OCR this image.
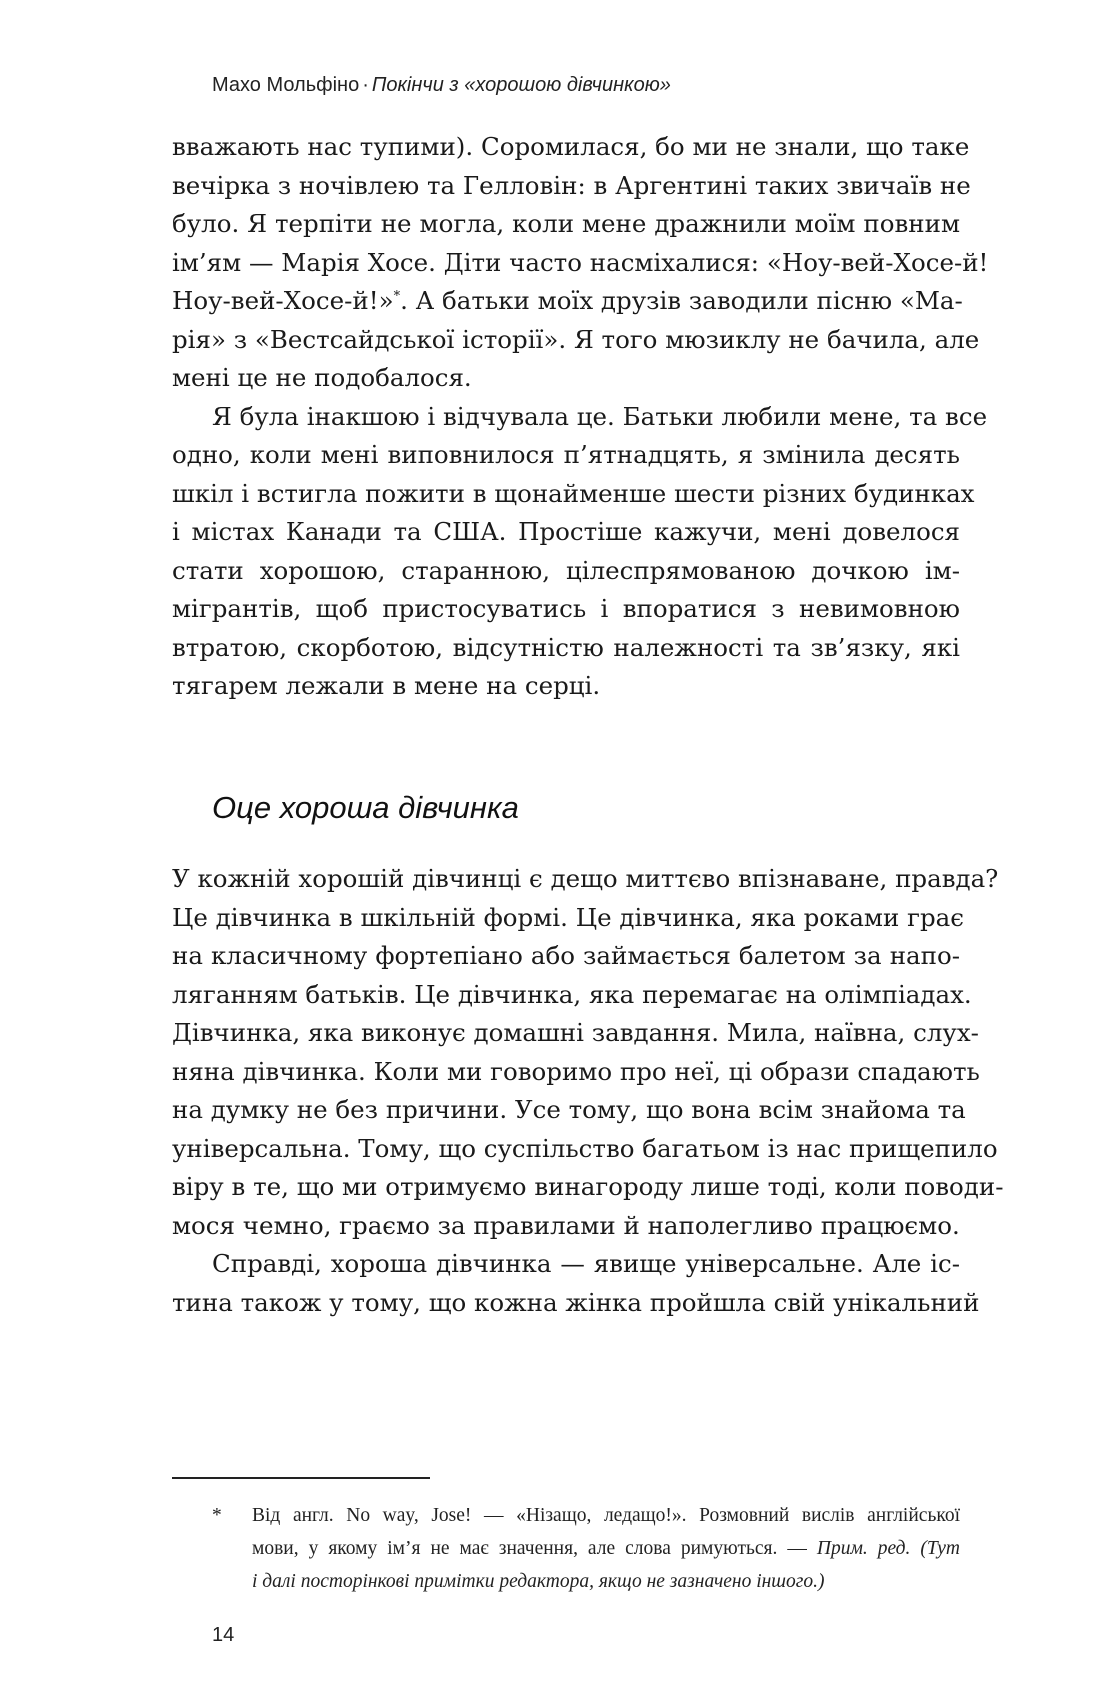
Махо Мольфіно · Покінчи з «хорошою дівчинкою»

вважають нас тупими). Соромилася, бо ми не знали, що таке
вечірка з ночівлею та Гелловін: в Аргентині таких звичаїв не
було. Я терпіти не могла, коли мене дражнили моїм повним
ім’ям — Марія Хосе. Діти часто насміхалися: «Ноу-вей-Хосе-й!
Ноу-вей-Хосе-й!»*. А батьки моїх друзів заводили пісню «Ма-
рія» з «Вестсайдської історії». Я того мюзиклу не бачила, але
мені це не подобалося.

Я була інакшою і відчувала це. Батьки любили мене, та все
одно, коли мені виповнилося п’ятнадцять, я змінила десять
шкіл і встигла пожити в щонайменше шести різних будинках
і містах Канади та США. Простіше кажучи, мені довелося
стати хорошою, старанною, цілеспрямованою дочкою ім-
мігрантів, щоб пристосуватись і впоратися з невимовною
втратою, скорботою, відсутністю належності та зв’язку, які
тягарем лежали в мене на серці.

Оце хороша дівчинка

У кожній хорошій дівчинці є дещо миттєво впізнаване, правда?
Це дівчинка в шкільній формі. Це дівчинка, яка роками грає
на класичному фортепіано або займається балетом за напо-
ляганням батьків. Це дівчинка, яка перемагає на олімпіадах.
Дівчинка, яка виконує домашні завдання. Мила, наївна, слух-
няна дівчинка. Коли ми говоримо про неї, ці образи спадають
на думку не без причини. Усе тому, що вона всім знайома та
універсальна. Тому, що суспільство багатьом із нас прищепило
віру в те, що ми отримуємо винагороду лише тоді, коли поводи-
мося чемно, граємо за правилами й наполегливо працюємо.

Справді, хороша дівчинка — явище універсальне. Але іс-
тина також у тому, що кожна жінка пройшла свій унікальний

* Від англ. No way, Jose! — «Нізащо, ледащо!». Розмовний вислів англійської
мови, у якому ім’я не має значення, але слова римуються. — Прим. ред. (Тут
і далі посторінкові примітки редактора, якщо не зазначено іншого.)
14
